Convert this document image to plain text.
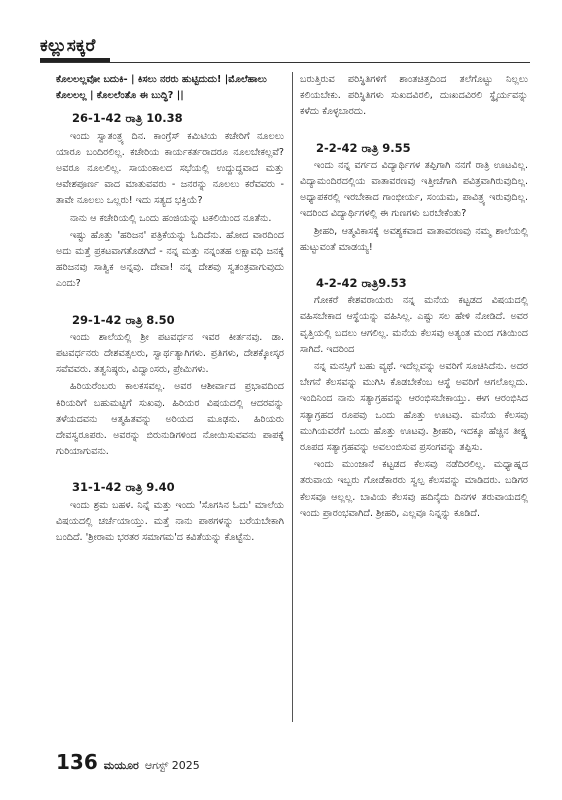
ಕಲ್ಲುಸಕ್ಕರೆ

ಕೊಲಲಲ್ಲವೋ ಬದುಕಿ- | ಕಿಸಲು ನರರು ಹುಟ್ಟಿದುದು! |ಮೊಲೆಹಾಲು ಕೊಲಲಲ್ಲ | ಕೊಲಲೆಂತೊ ಈ ಬುದ್ಧಿ? ||

26-1-42 ರಾತ್ರಿ 10.38

ಇಂದು ಸ್ವಾತಂತ್ರ್ಯ ದಿನ. ಕಾಂಗ್ರೆಸ್ ಕಮಿಟಿಯ ಕಚೇರಿಗೆ ನೂಲಲು ಯಾರೂ ಬಂದಿರಲಿಲ್ಲ. ಕಚೇರಿಯ ಕಾರ್ಯಕರ್ತರಾದರೂ ನೂಲಬೇಕಲ್ಲವೆ? ಅವರೂ ನೂಲಲಿಲ್ಲ. ಸಾಯಂಕಾಲದ ಸಭೆಯಲ್ಲಿ ಉದ್ದುದ್ದವಾದ ಮತ್ತು ಆವೇಶಪೂರ್ಣ ವಾದ ಮಾತುವವರು - ಜನರನ್ನು ನೂಲಲು ಕರೆವವರು - ತಾವೇ ನೂಲಲು ಒಲ್ಲರು! ಇದು ಸತ್ಯದ ಭಕ್ತಿಯೆ?

ನಾನು ಆ ಕಚೇರಿಯಲ್ಲಿ ಒಂದು ಹಂಜಿಯನ್ನು ಟಕಲಿಯಿಂದ ನೂತೆನು.

ಇಷ್ಟು ಹೊತ್ತು 'ಹರಿಜನ' ಪತ್ರಿಕೆಯನ್ನು ಓದಿದೆನು. ಹೋದ ವಾರದಿಂದ ಅದು ಮತ್ತೆ ಪ್ರಕಟವಾಗತೊಡಗಿದೆ - ನನ್ನ ಮತ್ತು ನನ್ನಂತಹ ಲಕ್ಷಾವಧಿ ಜನಕ್ಕೆ ಹರಿಜನವು ಸಾತ್ವಿಕ ಅನ್ನವು. ದೇವಾ! ನನ್ನ ದೇಶವು ಸ್ವತಂತ್ರವಾಗುವುದು ಎಂದು?

29-1-42 ರಾತ್ರಿ 8.50

ಇಂದು ಶಾಲೆಯಲ್ಲಿ ಶ್ರೀ ಪಟವರ್ಧನ ಇವರ ಕೀರ್ತನವು. ಡಾ. ಪಟವರ್ಧನರು ದೇಶವತ್ಸಲರು, ಸ್ವಾರ್ಥತ್ಯಾಗಿಗಳು. ಪ್ರತಿಗಳು, ದೇಶಕ್ಕೋಸ್ಕರ ಸವೆವವರು. ತತ್ವನಿಷ್ಠರು, ವಿದ್ವಾಂಸರು, ಪ್ರೇಮಿಗಳು.

ಹಿರಿಯರೆಂಬರು ಕಾಲಕಸವಲ್ಲ. ಅವರ ಆಶೀರ್ವಾದ ಪ್ರಭಾವದಿಂದ ಕಿರಿಯರಿಗೆ ಬಹುಮಟ್ಟಿಗೆ ಸುಖವು. ಹಿರಿಯರ ವಿಷಯದಲ್ಲಿ ಆದರವನ್ನು ತಳೆಯದವನು ಆತ್ಮಹಿತವನ್ನು ಅರಿಯದ ಮೂಢನು. ಹಿರಿಯರು ದೇವಸ್ವರೂಪರು. ಅವರನ್ನು ಬಿರುನುಡಿಗಳಿಂದ ನೋಯಿಸುವವನು ಪಾಪಕ್ಕೆ ಗುರಿಯಾಗುವನು.

31-1-42 ರಾತ್ರಿ 9.40

ಇಂದು ಶ್ರಮ ಬಹಳ. ನಿನ್ನೆ ಮತ್ತು ಇಂದು 'ಸೊಗಸಿನ ಓದು' ಮಾಲೆಯ ವಿಷಯದಲ್ಲಿ ಚರ್ಚೆಯಾಯ್ತು. ಮತ್ತೆ ನಾನು ಪಾಠಗಳನ್ನು ಬರೆಯಬೇಕಾಗಿ ಬಂದಿದೆ. 'ಶ್ರೀರಾಮ ಭರತರ ಸಮಾಗಮ'ದ ಕವಿತೆಯನ್ನು ಕೊಟ್ಟೆನು.

ಬರುತ್ತಿರುವ ಪರಿಸ್ಥಿತಿಗಳಿಗೆ ಶಾಂತಚಿತ್ತದಿಂದ ತಲೆಗೊಟ್ಟು ನಿಲ್ಲಲು ಕಲಿಯಬೇಕು. ಪರಿಸ್ಥಿತಿಗಳು ಸುಖದವಿರಲಿ, ದುಃಖದವಿರಲಿ ಸ್ಥೈರ್ಯವನ್ನು ಕಳೆದು ಕೊಳ್ಳಬಾರದು.

2-2-42 ರಾತ್ರಿ 9.55

ಇಂದು ನನ್ನ ವರ್ಗದ ವಿದ್ಯಾರ್ಥಿಗಳ ತಪ್ಪಿಗಾಗಿ ನನಗೆ ರಾತ್ರಿ ಊಟವಿಲ್ಲ. ವಿದ್ಯಾಮಂದಿರದಲ್ಲಿಯ ವಾತಾವರಣವು ಇತ್ತೀಚೆಗಾಗಿ ಪವಿತ್ರವಾಗಿರುವುದಿಲ್ಲ. ಅಧ್ಯಾಪಕರಲ್ಲಿ ಇರಬೇಕಾದ ಗಾಂಭೀರ್ಯ, ಸಂಯಮ, ಪಾವಿತ್ರ್ಯ ಇರುವುದಿಲ್ಲ. ಇದರಿಂದ ವಿದ್ಯಾರ್ಥಿಗಳಲ್ಲಿ ಈ ಗುಣಗಳು ಬರಬೇಕೆಂತು?

ಶ್ರೀಹರಿ, ಆತ್ಮವಿಕಾಸಕ್ಕೆ ಅವಶ್ಯಕವಾದ ವಾತಾವರಣವು ನಮ್ಮ ಶಾಲೆಯಲ್ಲಿ ಹುಟ್ಟುವಂತೆ ಮಾಡಯ್ಯ!

4-2-42 ರಾತ್ರಿ9.53

ಗೋಕರೆ ಕೇಶವರಾಯರು ನನ್ನ ಮನೆಯ ಕಟ್ಟಡದ ವಿಷಯದಲ್ಲಿ ವಹಿಸಬೇಕಾದ ಆಸ್ಥೆಯನ್ನು ವಹಿಸಿಲ್ಲ. ಎಷ್ಟು ಸಲ ಹೇಳಿ ನೋಡಿದೆ. ಅವರ ವೃತ್ತಿಯಲ್ಲಿ ಬದಲು ಆಗಲಿಲ್ಲ. ಮನೆಯ ಕೆಲಸವು ಅತ್ಯಂತ ಮಂದ ಗತಿಯಿಂದ ಸಾಗಿದೆ. ಇದರಿಂದ

ನನ್ನ ಮನಸ್ಸಿಗೆ ಬಹು ವ್ಯಥೆ. ಇದೆಲ್ಲವನ್ನು ಅವರಿಗೆ ಸೂಚಿಸಿದೆನು. ಅದರ ಬೇಗನೆ ಕೆಲಸವನ್ನು ಮುಗಿಸಿ ಕೊಡಬೇಕೆಂಬ ಆಸ್ಥೆ ಅವರಿಗೆ ಆಗಲೊಲ್ಲದು. ಇಂದಿನಿಂದ ನಾನು ಸತ್ಯಾಗ್ರಹವನ್ನು ಆರಂಭಿಸಬೇಕಾಯ್ತು. ಈಗ ಆರಂಭಿಸಿದ ಸತ್ಯಾಗ್ರಹದ ರೂಪವು ಒಂದು ಹೊತ್ತು ಊಟವು. ಮನೆಯ ಕೆಲಸವು ಮುಗಿಯವರೆಗೆ ಒಂದು ಹೊತ್ತು ಊಟವು. ಶ್ರೀಹರಿ, ಇದಕ್ಕೂ ಹೆಚ್ಚಿನ ತೀಕ್ಷ್ಣ ರೂಪದ ಸತ್ಯಾಗ್ರಹವನ್ನು ಅವಲಂಬಿಸುವ ಪ್ರಸಂಗವನ್ನು ತಪ್ಪಿಸು.

ಇಂದು ಮುಂಜಾನೆ ಕಟ್ಟಡದ ಕೆಲಸವು ನಡೆದಿರಲಿಲ್ಲ. ಮಧ್ಯಾಹ್ನದ ತರುವಾಯ ಇಬ್ಬರು ಗೋಡೆಕಾರರು ಸ್ವಲ್ಪ ಕೆಲಸವನ್ನು ಮಾಡಿದರು. ಬಡಿಗರ ಕೆಲಸವೂ ಆಲ್ಲಲ್ಲ. ಬಾವಿಯ ಕೆಲಸವು ಹದಿನೈದು ದಿನಗಳ ತರುವಾಯದಲ್ಲಿ ಇಂದು ಪ್ರಾರಂಭವಾಗಿದೆ. ಶ್ರೀಹರಿ, ಎಲ್ಲವೂ ನಿನ್ನನ್ನು ಕೂಡಿದೆ.

136 ಮಯೂರ ಆಗಸ್ಟ್ 2025
